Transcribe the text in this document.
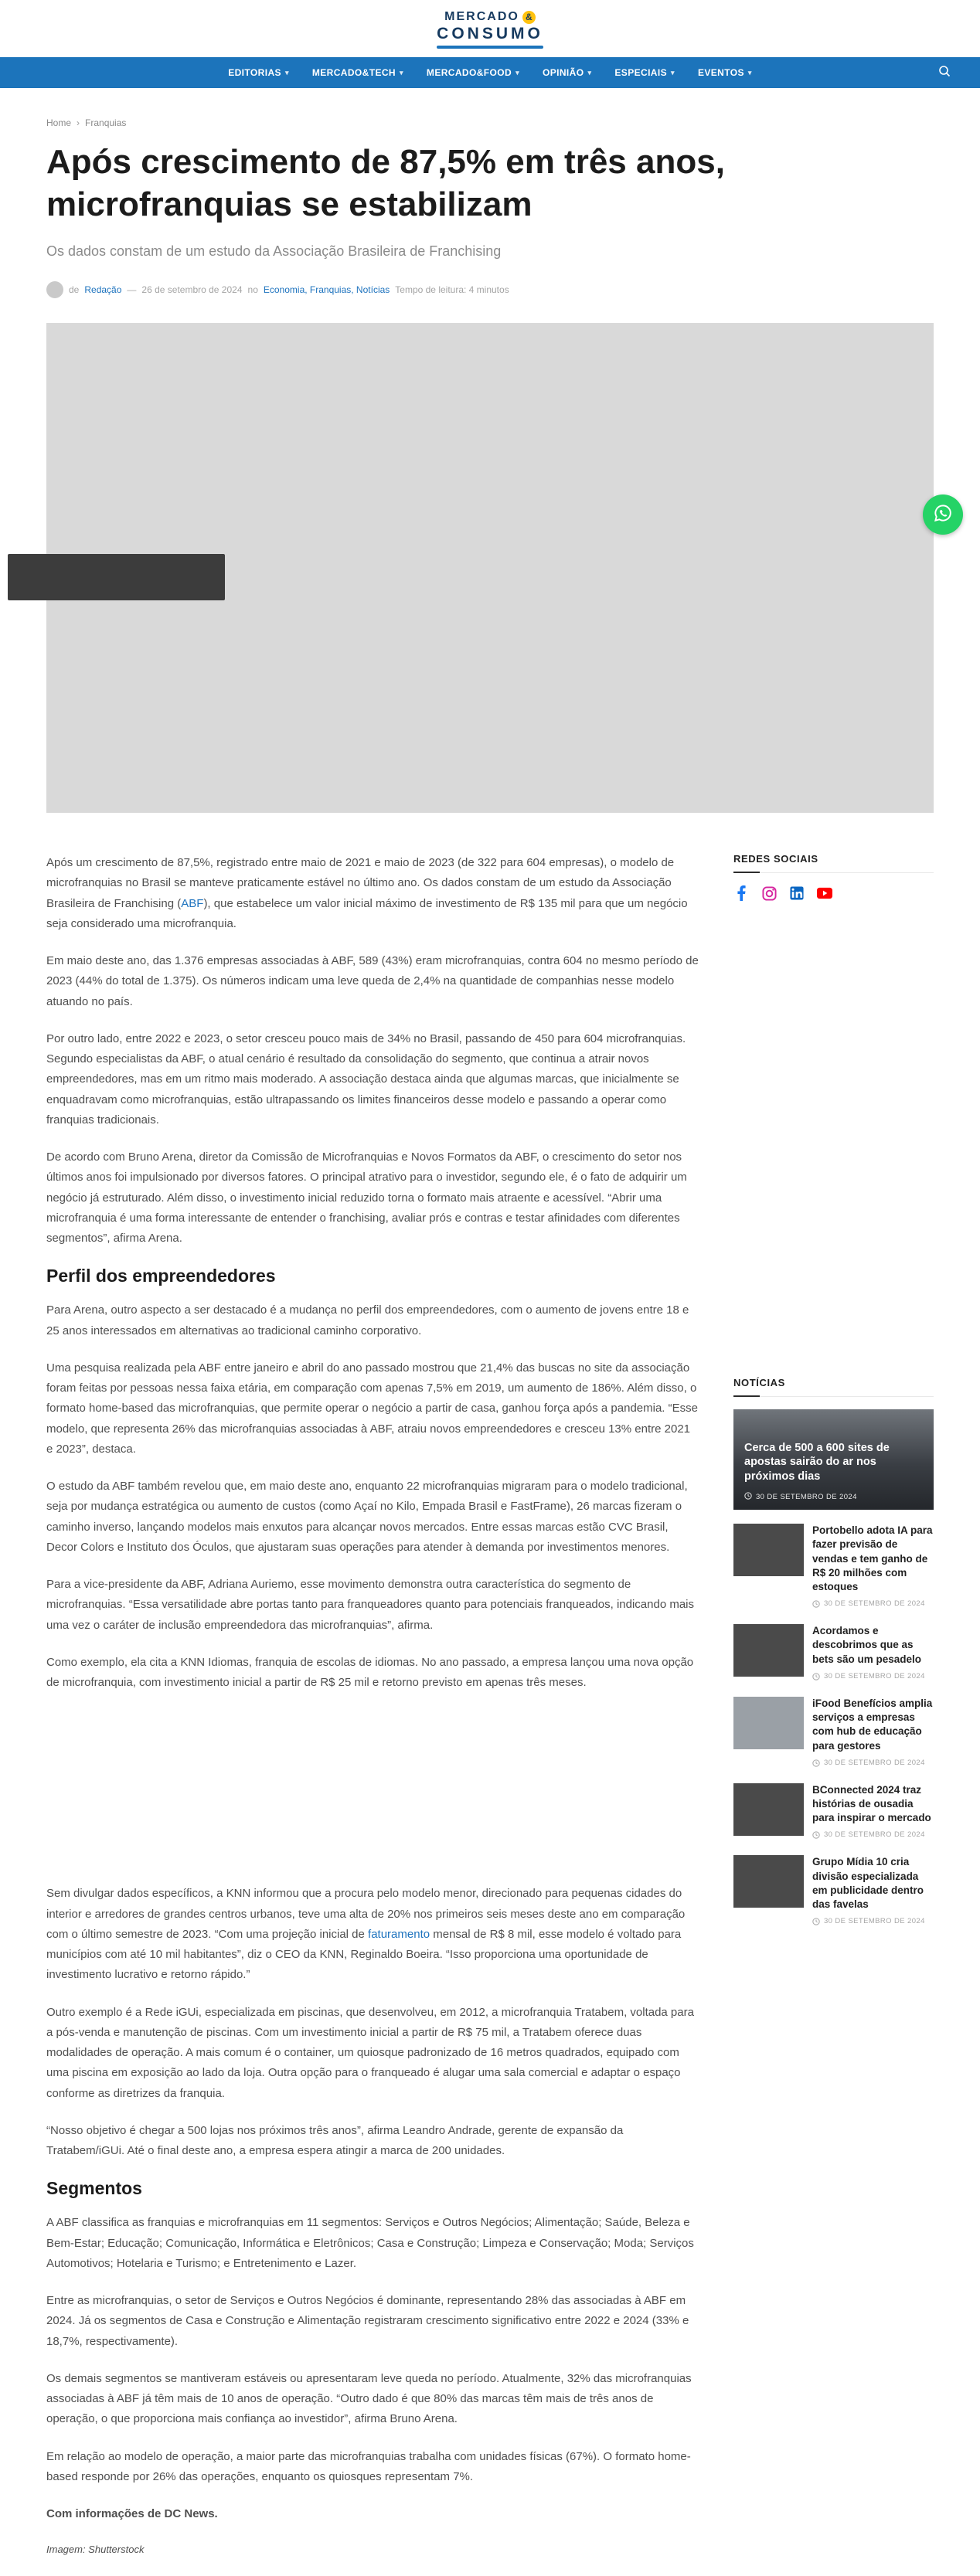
MERCADO &
CONSUMO
EDITORIAS ▾	MERCADO&TECH ▾	MERCADO&FOOD ▾	OPINIÃO ▾	ESPECIAIS ▾	EVENTOS ▾
Home › Franquias
Após crescimento de 87,5% em três anos, microfranquias se estabilizam
Os dados constam de um estudo da Associação Brasileira de Franchising
de Redação — 26 de setembro de 2024 no Economia, Franquias, Notícias Tempo de leitura: 4 minutos

Após um crescimento de 87,5%, registrado entre maio de 2021 e maio de 2023 (de 322 para 604 empresas), o modelo de microfranquias no Brasil se manteve praticamente estável no último ano. Os dados constam de um estudo da Associação Brasileira de Franchising (ABF), que estabelece um valor inicial máximo de investimento de R$ 135 mil para que um negócio seja considerado uma microfranquia.

Em maio deste ano, das 1.376 empresas associadas à ABF, 589 (43%) eram microfranquias, contra 604 no mesmo período de 2023 (44% do total de 1.375). Os números indicam uma leve queda de 2,4% na quantidade de companhias nesse modelo atuando no país.

Por outro lado, entre 2022 e 2023, o setor cresceu pouco mais de 34% no Brasil, passando de 450 para 604 microfranquias. Segundo especialistas da ABF, o atual cenário é resultado da consolidação do segmento, que continua a atrair novos empreendedores, mas em um ritmo mais moderado. A associação destaca ainda que algumas marcas, que inicialmente se enquadravam como microfranquias, estão ultrapassando os limites financeiros desse modelo e passando a operar como franquias tradicionais.

De acordo com Bruno Arena, diretor da Comissão de Microfranquias e Novos Formatos da ABF, o crescimento do setor nos últimos anos foi impulsionado por diversos fatores. O principal atrativo para o investidor, segundo ele, é o fato de adquirir um negócio já estruturado. Além disso, o investimento inicial reduzido torna o formato mais atraente e acessível. “Abrir uma microfranquia é uma forma interessante de entender o franchising, avaliar prós e contras e testar afinidades com diferentes segmentos”, afirma Arena.

Perfil dos empreendedores

Para Arena, outro aspecto a ser destacado é a mudança no perfil dos empreendedores, com o aumento de jovens entre 18 e 25 anos interessados em alternativas ao tradicional caminho corporativo.

Uma pesquisa realizada pela ABF entre janeiro e abril do ano passado mostrou que 21,4% das buscas no site da associação foram feitas por pessoas nessa faixa etária, em comparação com apenas 7,5% em 2019, um aumento de 186%. Além disso, o formato home-based das microfranquias, que permite operar o negócio a partir de casa, ganhou força após a pandemia. “Esse modelo, que representa 26% das microfranquias associadas à ABF, atraiu novos empreendedores e cresceu 13% entre 2021 e 2023”, destaca.

O estudo da ABF também revelou que, em maio deste ano, enquanto 22 microfranquias migraram para o modelo tradicional, seja por mudança estratégica ou aumento de custos (como Açaí no Kilo, Empada Brasil e FastFrame), 26 marcas fizeram o caminho inverso, lançando modelos mais enxutos para alcançar novos mercados. Entre essas marcas estão CVC Brasil, Decor Colors e Instituto dos Óculos, que ajustaram suas operações para atender à demanda por investimentos menores.

Para a vice-presidente da ABF, Adriana Auriemo, esse movimento demonstra outra característica do segmento de microfranquias. “Essa versatilidade abre portas tanto para franqueadores quanto para potenciais franqueados, indicando mais uma vez o caráter de inclusão empreendedora das microfranquias”, afirma.

Como exemplo, ela cita a KNN Idiomas, franquia de escolas de idiomas. No ano passado, a empresa lançou uma nova opção de microfranquia, com investimento inicial a partir de R$ 25 mil e retorno previsto em apenas três meses.

Sem divulgar dados específicos, a KNN informou que a procura pelo modelo menor, direcionado para pequenas cidades do interior e arredores de grandes centros urbanos, teve uma alta de 20% nos primeiros seis meses deste ano em comparação com o último semestre de 2023. “Com uma projeção inicial de faturamento mensal de R$ 8 mil, esse modelo é voltado para municípios com até 10 mil habitantes”, diz o CEO da KNN, Reginaldo Boeira. “Isso proporciona uma oportunidade de investimento lucrativo e retorno rápido.”

Outro exemplo é a Rede iGUi, especializada em piscinas, que desenvolveu, em 2012, a microfranquia Tratabem, voltada para a pós-venda e manutenção de piscinas. Com um investimento inicial a partir de R$ 75 mil, a Tratabem oferece duas modalidades de operação. A mais comum é o container, um quiosque padronizado de 16 metros quadrados, equipado com uma piscina em exposição ao lado da loja. Outra opção para o franqueado é alugar uma sala comercial e adaptar o espaço conforme as diretrizes da franquia.

“Nosso objetivo é chegar a 500 lojas nos próximos três anos”, afirma Leandro Andrade, gerente de expansão da Tratabem/iGUi. Até o final deste ano, a empresa espera atingir a marca de 200 unidades.

Segmentos

A ABF classifica as franquias e microfranquias em 11 segmentos: Serviços e Outros Negócios; Alimentação; Saúde, Beleza e Bem-Estar; Educação; Comunicação, Informática e Eletrônicos; Casa e Construção; Limpeza e Conservação; Moda; Serviços Automotivos; Hotelaria e Turismo; e Entretenimento e Lazer.

Entre as microfranquias, o setor de Serviços e Outros Negócios é dominante, representando 28% das associadas à ABF em 2024. Já os segmentos de Casa e Construção e Alimentação registraram crescimento significativo entre 2022 e 2024 (33% e 18,7%, respectivamente).

Os demais segmentos se mantiveram estáveis ou apresentaram leve queda no período. Atualmente, 32% das microfranquias associadas à ABF já têm mais de 10 anos de operação. “Outro dado é que 80% das marcas têm mais de três anos de operação, o que proporciona mais confiança ao investidor”, afirma Bruno Arena.

Em relação ao modelo de operação, a maior parte das microfranquias trabalha com unidades físicas (67%). O formato home-based responde por 26% das operações, enquanto os quiosques representam 7%.

Com informações de DC News.

Imagem: Shutterstock

REDES SOCIAIS
NOTÍCIAS
Cerca de 500 a 600 sites de apostas sairão do ar nos próximos dias
30 DE SETEMBRO DE 2024
Portobello adota IA para fazer previsão de vendas e tem ganho de R$ 20 milhões com estoques
30 DE SETEMBRO DE 2024
Acordamos e descobrimos que as bets são um pesadelo
30 DE SETEMBRO DE 2024
iFood Benefícios amplia serviços a empresas com hub de educação para gestores
30 DE SETEMBRO DE 2024
BConnected 2024 traz histórias de ousadia para inspirar o mercado
30 DE SETEMBRO DE 2024
Grupo Mídia 10 cria divisão especializada em publicidade dentro das favelas
30 DE SETEMBRO DE 2024
